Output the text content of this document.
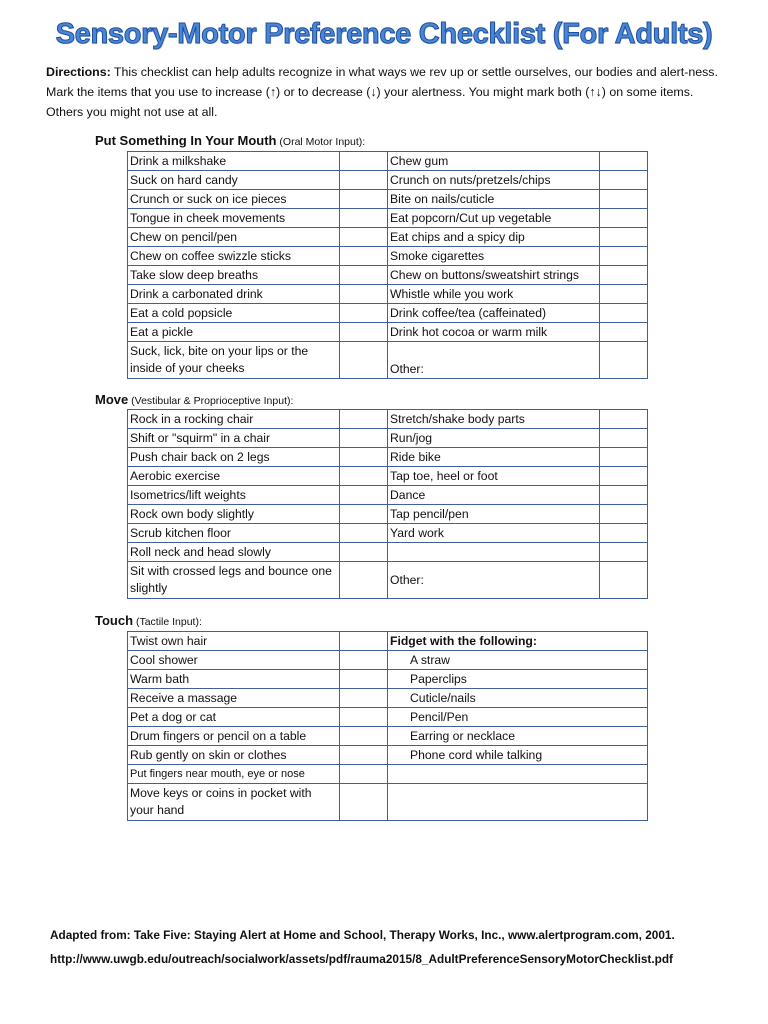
Sensory-Motor Preference Checklist (For Adults)
Directions: This checklist can help adults recognize in what ways we rev up or settle ourselves, our bodies and alert-ness. Mark the items that you use to increase (↑) or to decrease (↓) your alertness. You might mark both (↑↓) on some items. Others you might not use at all.
Put Something In Your Mouth (Oral Motor Input):
Drink a milkshake		Chew gum	
Suck on hard candy		Crunch on nuts/pretzels/chips	
Crunch or suck on ice pieces		Bite on nails/cuticle	
Tongue in cheek movements		Eat popcorn/Cut up vegetable	
Chew on pencil/pen		Eat chips and a spicy dip	
Chew on coffee swizzle sticks		Smoke cigarettes	
Take slow deep breaths		Chew on buttons/sweatshirt strings	
Drink a carbonated drink		Whistle while you work	
Eat a cold popsicle		Drink coffee/tea (caffeinated)	
Eat a pickle		Drink hot cocoa or warm milk	
Suck, lick, bite on your lips or the inside of your cheeks		Other:	
Move (Vestibular & Proprioceptive Input):
Rock in a rocking chair		Stretch/shake body parts	
Shift or "squirm" in a chair		Run/jog	
Push chair back on 2 legs		Ride bike	
Aerobic exercise		Tap toe, heel or foot	
Isometrics/lift weights		Dance	
Rock own body slightly		Tap pencil/pen	
Scrub kitchen floor		Yard work	
Roll neck and head slowly			
Sit with crossed legs and bounce one slightly		Other:	
Touch (Tactile Input):
Twist own hair		Fidget with the following:
Cool shower		A straw
Warm bath		Paperclips
Receive a massage		Cuticle/nails
Pet a dog or cat		Pencil/Pen
Drum fingers or pencil on a table		Earring or necklace
Rub gently on skin or clothes		Phone cord while talking
Put fingers near mouth, eye or nose		
Move keys or coins in pocket with your hand		
Adapted from: Take Five: Staying Alert at Home and School, Therapy Works, Inc., www.alertprogram.com, 2001.
http://www.uwgb.edu/outreach/socialwork/assets/pdf/rauma2015/8_AdultPreferenceSensoryMotorChecklist.pdf
